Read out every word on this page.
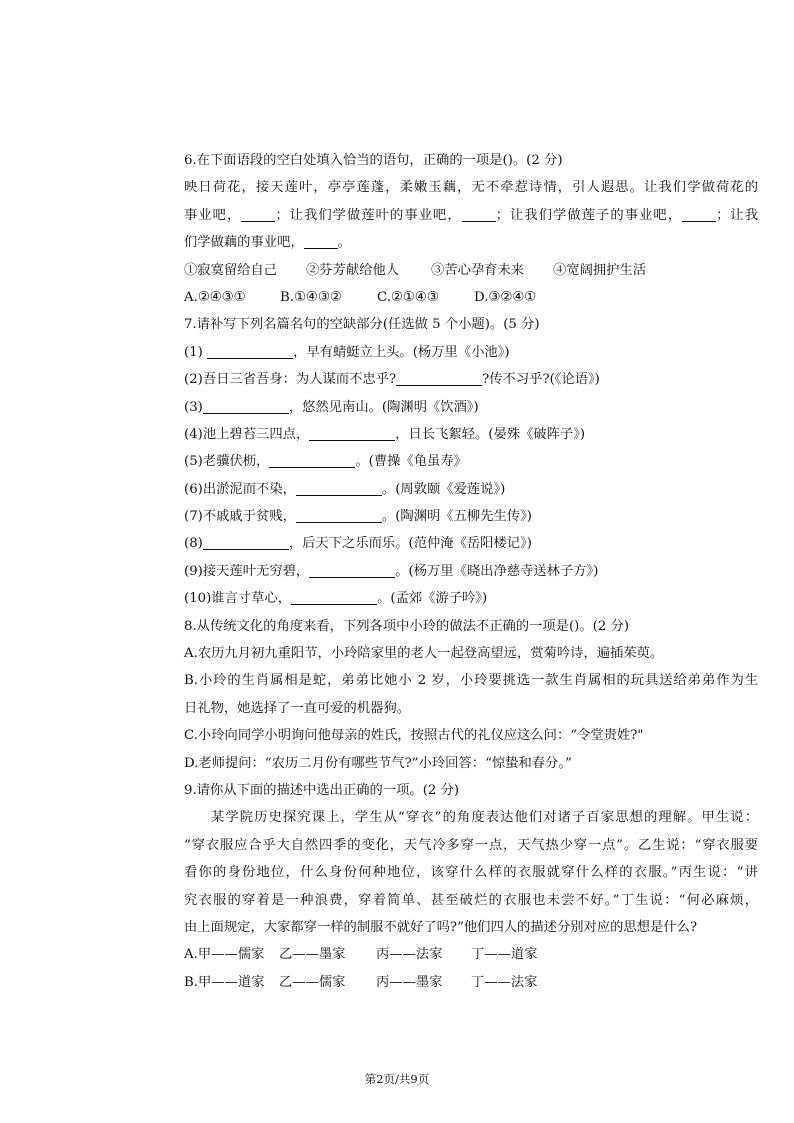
6.在下面语段的空白处填入恰当的语句，正确的一项是()。(2 分)
映日荷花，接天莲叶，亭亭莲蓬，柔嫩玉藕，无不牵惹诗情，引人遐思。让我们学做荷花的
事业吧，	；让我们学做莲叶的事业吧，	；让我们学做莲子的事业吧，	；让我
们学做藕的事业吧，	。
①寂寞留给自己 ②芬芳献给他人 ③苦心孕育未来 ④宽阔拥护生活
A.②④③①	B.①④③②	C.②①④③	D.③②④①
7.请补写下列名篇名句的空缺部分(任选做 5 个小题)。(5 分)
(1)	，早有蜻蜓立上头。(杨万里《小池》)
(2)吾日三省吾身：为人谋而不忠乎?	?传不习乎?(《论语》)
(3)	，悠然见南山。(陶渊明《饮酒》)
(4)池上碧苔三四点，	，日长飞絮轻。(晏殊《破阵子》)
(5)老骥伏枥，	。(曹操《龟虽寿》
(6)出淤泥而不染，	。(周敦颐《爱莲说》)
(7)不戚戚于贫贱，	。(陶渊明《五柳先生传》)
(8)	，后天下之乐而乐。(范仲淹《岳阳楼记》)
(9)接天莲叶无穷碧，	。(杨万里《晓出净慈寺送林子方》)
(10)谁言寸草心，	。(孟郊《游子吟》)
8.从传统文化的角度来看，下列各项中小玲的做法不正确的一项是()。(2 分)
A.农历九月初九重阳节，小玲陪家里的老人一起登高望远，赏菊吟诗，遍插茱萸。
B.小玲的生肖属相是蛇，弟弟比她小 2 岁，小玲要挑选一款生肖属相的玩具送给弟弟作为生
日礼物，她选择了一直可爱的机器狗。
C.小玲向同学小明询问他母亲的姓氏，按照古代的礼仪应这么问：“令堂贵姓?"
D.老师提问：“农历二月份有哪些节气?”小玲回答：“惊蛰和春分。”
9.请你从下面的描述中选出正确的一项。(2 分)
某学院历史探究课上，学生从“穿衣”的角度表达他们对诸子百家思想的理解。甲生说：
“穿衣服应合乎大自然四季的变化，天气冷多穿一点，天气热少穿一点”。乙生说：“穿衣服要
看你的身份地位，什么身份何种地位，该穿什么样的衣服就穿什么样的衣服。”丙生说：“讲
究衣服的穿着是一种浪费，穿着简单、甚至破烂的衣服也未尝不好。”丁生说：“何必麻烦，
由上面规定，大家都穿一样的制服不就好了吗?”他们四人的描述分别对应的思想是什么?
A.甲——儒家 乙——墨家 丙——法家 丁——道家
B.甲——道家 乙——儒家 丙——墨家 丁——法家
第2页/共9页
